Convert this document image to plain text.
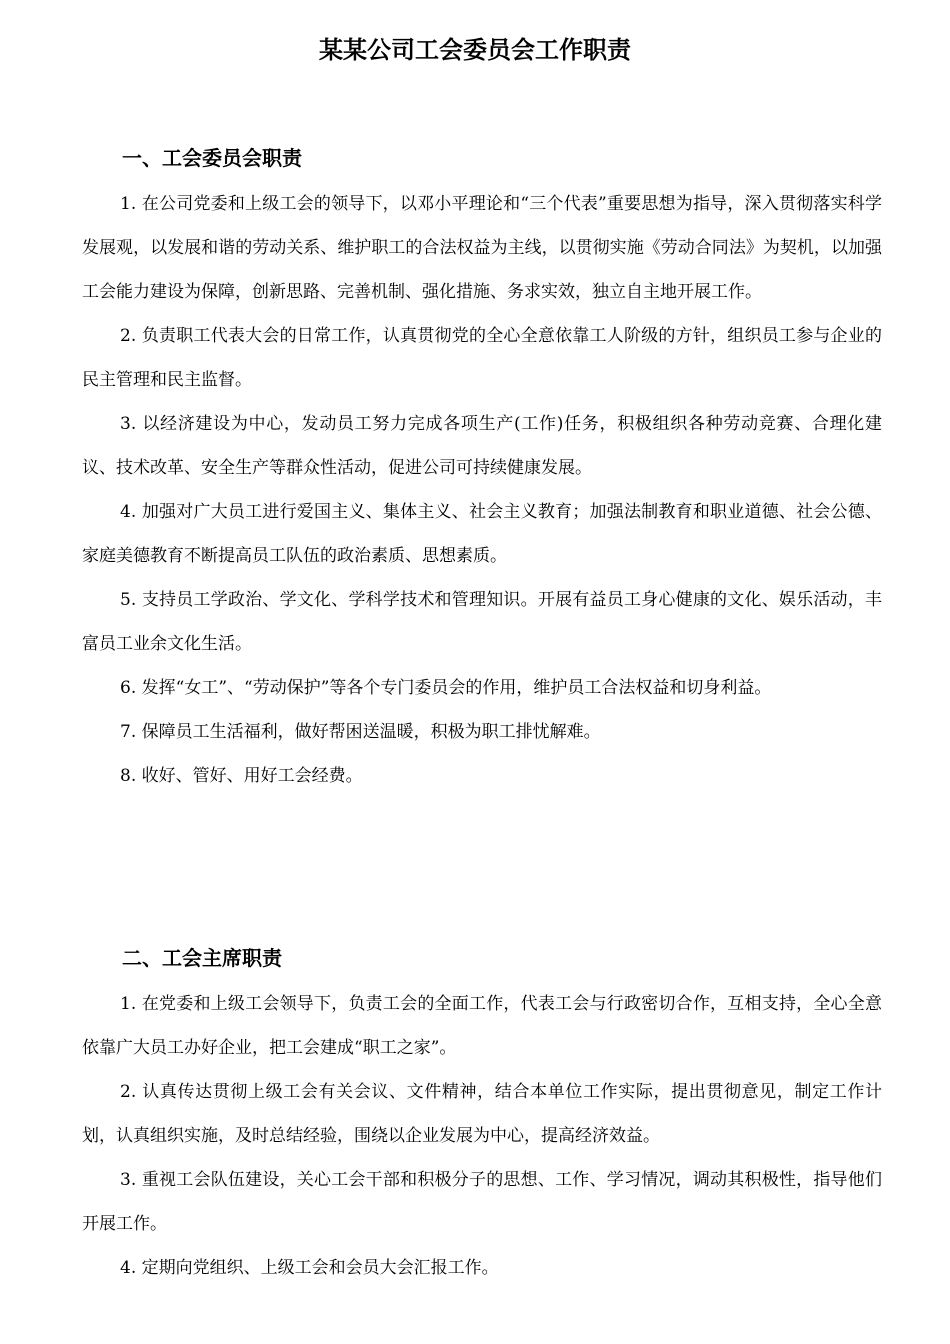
某某公司工会委员会工作职责
一、工会委员会职责

1. 在公司党委和上级工会的领导下，以邓小平理论和“三个代表”重要思想为指导，深入贯彻落实科学发展观，以发展和谐的劳动关系、维护职工的合法权益为主线，以贯彻实施《劳动合同法》为契机，以加强工会能力建设为保障，创新思路、完善机制、强化措施、务求实效，独立自主地开展工作。

2. 负责职工代表大会的日常工作，认真贯彻党的全心全意依靠工人阶级的方针，组织员工参与企业的民主管理和民主监督。

3. 以经济建设为中心，发动员工努力完成各项生产(工作)任务，积极组织各种劳动竞赛、合理化建议、技术改革、安全生产等群众性活动，促进公司可持续健康发展。

4. 加强对广大员工进行爱国主义、集体主义、社会主义教育；加强法制教育和职业道德、社会公德、家庭美德教育不断提高员工队伍的政治素质、思想素质。

5. 支持员工学政治、学文化、学科学技术和管理知识。开展有益员工身心健康的文化、娱乐活动，丰富员工业余文化生活。

6. 发挥“女工”、“劳动保护”等各个专门委员会的作用，维护员工合法权益和切身利益。

7. 保障员工生活福利，做好帮困送温暖，积极为职工排忧解难。

8. 收好、管好、用好工会经费。

二、工会主席职责

1. 在党委和上级工会领导下，负责工会的全面工作，代表工会与行政密切合作，互相支持，全心全意依靠广大员工办好企业，把工会建成“职工之家”。

2. 认真传达贯彻上级工会有关会议、文件精神，结合本单位工作实际，提出贯彻意见，制定工作计划，认真组织实施，及时总结经验，围绕以企业发展为中心，提高经济效益。

3. 重视工会队伍建设，关心工会干部和积极分子的思想、工作、学习情况，调动其积极性，指导他们开展工作。

4. 定期向党组织、上级工会和会员大会汇报工作。
